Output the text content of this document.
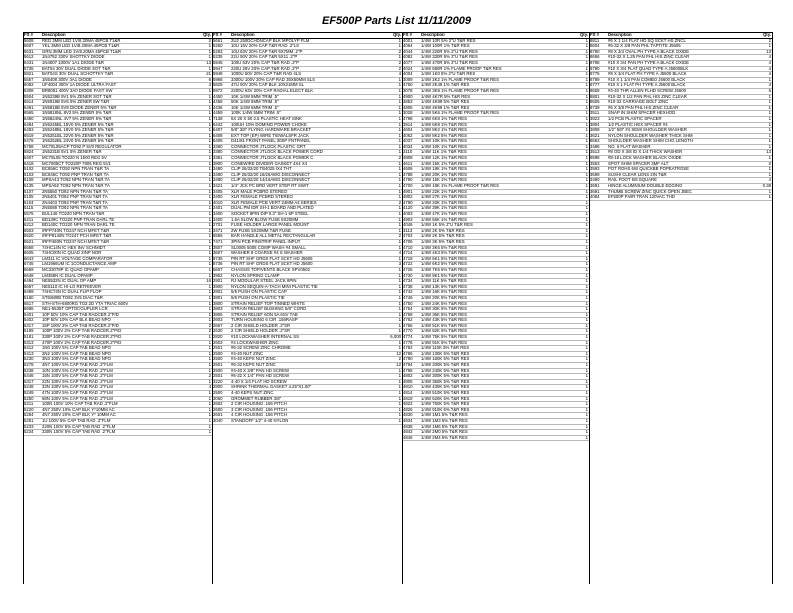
EF500P Parts List 11/11/2009
FS #	Description	Qty.
5608	RED 3MM LED 1V/8.20MA 45PCB T1&R	2
5607	YEL 3MM LED 1V/8.20MA 45PCB T1&R	1
5631	GRN 3MM LED 1V/8.20MA 45PCB T1&R	1
5612	1N4752 330V SHOTTKY DIODE	1
6431	1N4007 1000V 1A1 DIODE T&R	13
5735	BAT54 30V DUAL DIODE SOT T&R	1
5821	BAT54S 30V DUAL SCHOTTKY T&R	21
5557	1N5408 300V 3A1 DIODE	6
6082	UF4004 300V 1A DIODE ULTRA FAST	4
6308	BR8061 400V 3A0 DIODE FAST SW	1
5504	1N5239B 9V1 5% ZENER SOT T&R	1
6514	1N5919B 5V6 5% ZENER 5W T&R	1
6491	1N5818B 6V8 DIODE ZENER 5% T&R	1
6565	1N5818NL 8V2 5% ZENER 5% T&R	1
6490	1N5824NL 4V7 5% ZENER 5% T&R	1
6484	1N5245BL 15V0 5% ZENER 5% T&R	1
6483	1N5248BL 18V0 5% ZENER 5% T&R	1
6519	1N5251BL 22V0 5% ZENER 5% T&R	1
6476	1N5252BL 24V0 5% ZENER 5% T&R	1
5758	MC78L05ACP TO92 P 5V0 REGULATOR	1
5824	1N5231B 5V1 5% ZENER T&R	1
6407	MC79L05 TO220 N 1500 REG 5V	1
6418	MC7805CT TO220P 7805 REG 5V1	1
5102	BC856C TO92 NPN TRAN T&R TA	1
5103	BC846C TO92 PNP TRAN T&R TA	1
5108	MPSA43 TO92 NPN TRAN T&R TA	1
5135	MPSA92 TO92 NPN TRAN T&R TA	1
5107	2N5550 TO92 NPN TRAN T&R TA	1
5105	2N5401 TO92 PNP TRAN T&R TA	1
5104	2N4403 TO92 PNP TRAN T&R TA	1
5115	2N5088 TO92 NPN TRAN T&R TA	1
5575	BUL146 TO220 NPN TRAN T&R	1
6211	BD139C TO220 PNP TRAN DARL TE	1
6212	BD140C TO220 NPN TRAN DARL TE	1
6503	IRFP740N TO247 NCH MFET T&R	1
5520	IRFP9140N TO247 PCH MFET T&R	1
5521	IRFP460N TO247 NCH MFET T&R	1
6568	74HC14N IC HEX INV SCHMIDT	1
6605	74HC00N IC QUAD 2INP NOR	1
6643	LM311 IC VOLTAGE COMPARATOR	1
6745	LM1966UM IC 1CONDUCTANCE AMP	1
6669	MC33078P IC QUAD OPAMP	1
6648	LM358N IC DUAL OPAMP	1
6494	NE5532N IC DUAL OP AMP	16
6697	NE5110 IC HI-LO RETRIEVER	1
6499	74HC74N IC DUAL FLIP FLOP	1
5160	ST6/680B TO92 3V5 DIAC T&R	1
6517	STH-STH-6800RG TO3 2D YTA TRIAC 600V	1
6686	NE1-5535T OPTOCOUPLER LCR	1
5401	10P 50V 10% CAP TAB RADCER.2"P/D	1
5402	10P 50V 10% CAP BLK BEAD NPO	1
6317	15P 100V 2% CAP TAB RADCER.2"P/D	2
5199	100P 100V 2% CAP TAB RADCER.2"P/D	2
5181	330P 100V 2% CAP TAB RADCER.2"P/D	1
5313	470P 100V 2% CAP TAB RADCER.2"P/D	1
5412	1N0 100V 5% CAP TAB BEAD NPO	1
5413	2N2 100V 5% CAP TAB BEAD NPO	1
5230	3N3 100V 5% CAP TAB BEAD NPO	1
5278	4N7 100V 5% CAP TAB RAD .2"FLM	1
5238	10N 100V 5% CAP TAB RAD .2"FLM	1
5446	15N 100V 5% CAP TAB RAD .2"FLM	2
6317	22N 100V 5% CAP TAB RAD .2"FLM	1
5248	33N 100V 5% CAP TAB RAD .2"FLM	4
5249	47N 100V 5% CAP TAB RAD .2"FLM	1
5250	68N 100V 5% CAP TAB RAD .2"FLM	1
5211	100N 100V 10% CAP TAB RAD .2"FLM	1
5220	4N7 250V 10% CAP BLK Y*10MM AC	1
5284	4N7 250V 20% CAP BLK Y* 10MM AC	1
5251	1U 100V 5% CAP TAB RAD .2"FLM	1
5233	220N 100V 5% CAP TAB RAD .2"FLM	1
5234	330N 100V 5% CAP TAB RAD .2"FLM	1
FS #	Description	Qty.
5661	2U2 250DCHDNCAP BLK MPOLYP FLM	1
5260	10U 16V 20% CAP T&R RAD .2"LS	1
5283	10U 63V 20% CAP T&R 5X7MM .2"P	2
5235	22U 50V 20% CAP T&R 5X11 .2"P	1
5945	100U 63V 20% CAP T&R RAD .2"P	2
5947	220U 25V 20% CAP T&R RAD .2"P	2
5948	1000U 50V 20% CAP T&R RAD 4LS	4
5968	3300U 100V 20% CAP RAD 35X50MM SLS	1
5825	47U 50V 20% CAP BLK 10X21MM SL	1
5972	2200U 63V 20% CAP RADIAL ELECT BLK	1
4450	10K 1/4W 5MM TRIM .5"	1
4458	50K 1/4W 5MM TRIM .5"	1
4436	10K 1/4W 5MM TRIM .5"	1
4459	100K 1/4W 5MM TRIM .5"	1
7138	5X 20 X 50 2.5 PLASTIC HEAT SINK	1
6442	100UH 10% DOMINO POWER CHOKE	1
6407	5/8" 3/8" FLYING HARDWARE BRACKET	1
6408	EXT TOP (EP) WIRE TIEWALSFR JACK	1
6406	D41/81 FRONT PANEL 30SP FNTPANEL	1
3360	CONNECTOR JTLOCK PLASTIC GRT	1
3380	CONNECTOR JTLOCK BLACK POWER CORD	1
3381	CONNECTOR JTLOCK BLACK POWER C	2
3800	CONEWIRE DIVIDER GASKET 4X4 X4	1
3480	CLIP 26/32/20 TB4025 IX4 THT	1
3480	CLIP 26/32/20 16/26AWG DISCONNECT	1
3480	CLIP 26/32/20 14/16AWG DISCONNECT	1
3421	1/4" JCK PC BRD VERT STEP RT SWIT	1
3405	XLR MALE PCBRD STEREO	1
3400	XLR FEMALE PCBRD STEREO	1
4010	XLR FEMALE PCB VERT 24MM A4 SERIES	2
2401	DUAL PM IDR SH-1 BOARD AND PLATED	1
3400	SOCKET 8PIN DIP 0.3" SH-1 6P STEEL	1
3400	1.6A SLOW BLOW FUSE 5X20MM	1
2701	FUSE HOLDER LARGE PANEL MOUNT	1
3471	2W FUSE 5X20MM T&R FUSE	1
6555	BAR HANDLE ALL METAL RECTANGULAR	2
7471	3PIN PCB PINSTRIP PANEL INPUT	1
3507	SL0005 5006 COMP WASH #4 SMALL	1
3607	WASHER 8 COARSE #4 S WASHER	4
8735	PIN RT SHF GRDS FLAT SCKT HD J5605	1
8736	PIN RT SHF GRDS FLAT SCKT HD J5600	3
5607	CHASSIS TOP/VENTS BLACK SPV0502	1
3902	NYLON SPRING CLAMP	1
2901	RJ MODULAR STEEL JACK 8PIN	1
3900	NYLON SEQUIN-A-TACH MINI PLASTIC TIE	1
2801	5/5 PUSH ON PLASTIC CAP	1
3801	5/5 PUSH ON PLASTIC TIE	1
3800	STRAIN RELIEF TOP TINNED WHITE	1
3803	STRAIN RELIEF BUSHING 5/8" CORD	1
3806	STRAIN RELIEF 6ON 5A 6SV TAB	1
2603	TURN HOUSING 6 CIR .156RASP	1
2667	2 CIR SHIELD HOLDER .2"SR	1
2630	2 CIR SHIELD HOLDER .2"SR	1
2820	#10 LOCKWASHER INTERNAL SS	6,000
2603	#4 LOCKWASHER ZINC	1
2501	#6-32 SCREW ZINC CHROME	1
2500	#4-40 NUT ZINC	12
2500	#4-40 KEPS NUT ZINC	2
2501	#6-32 KEPS NUT ZINC	12
2500	#4-40 X 3/8" PAN HD SCREW	1
2501	#6-32 X 1/4" PAN HD SCREW	1
3220	4-40 X 1/4 FLAT HD SCREW	1
2800	SHRINK THERMAL GASKET 4.25"X1.00"	1
2500	4-40 KEPS NUT ZINC	1
3060	GROMMET RUBBER 3/8"	1
2602	2 CIR HOUSING .156 PITCH	1
2600	3 CIR HOUSING .156 PITCH	1
2601	4 CIR HOUSING .156 PITCH	1
3040	STANDOFF 1/2" 4-40 NYLON	1
FS #	Description	Qty.
4001	1/4W 10R 5% 2"U T&R RES	1
4064	1/4W 100R 1% T&R RES	1
4044	1/4W 220R 5% 2"U T&R RES	1
4082	1/4W 330R 5% 2"U T&R RES	1
4077	1/4W 470R 5% 2"U T&R RES	1
4024	1/4W 680R 1% FLAME PROOF T&R RES	1
4004	1/4W 1K0 5% 2"U T&R RES	1
3009	1/4W 2K2 1% FLAME PROOF T&R RES	1
4760	1/4W 2K49 1% T&R RES	1
3078	1/4W 3K9 1% FLAME PROOF T&R RES	1
4900	1/4W 4K7R 5% T&R RES	1
4853	1/4W 4K99 5% T&R RES	1
4805	1/4W 4K99 1% T&R RES	1
3028	1/4W 5K6 1% FLAME PROOF T&R RES	1
4798	1/4W 6K8 1% T&R RES	1
3914	1/4W 6K8 1% T&R RES	1
4604	1/4W 8K2 1% T&R RES	1
4062	1/4W 8K2 5% T&R RES	1
4037	1/4W 10K 5% T&R RES	1
4034	1/4W 10K 1% T&R RES	1
3110	1/4W 11K 1% T&R RES	1
4808	1/4W 12K 1% T&R RES	1
4611	1/4W 15K 1% T&R RES	1
4606	1/4W 18K 1% T&R RES	1
4788	1/4W 20K 1% T&R RES	1
4790	1/4W 15K 1% T&R RES	1
4700	1/4W 18K 1% FLAME PROOF T&R RES	1
4901	1/4W 22K 1% T&R RES	1
4802	1/4W 27K 1% T&R RES	1
4790	1/4W 33K 1% T&R RES	1
4120	1/4W 39K 1% T&R RES	1
4003	1/4W 47K 1% T&R RES	1
4903	1/4W 56K 1% T&R RES	1
4046	1/4W 1K 5% 2"U T&R RES	1
3113	1/4W 2K 5% T&R RES	1
4702	1/4W 2K 5% T&R RES	1
4706	1/4W 3K 5% T&R RES	1
4710	1/4W 3K6 5% T&R RES	1
4714	1/4W 4K3 5% T&R RES	1
4718	1/4W 5K1 5% T&R RES	1
4722	1/4W 6K2 5% T&R RES	1
4726	1/4W 7K5 5% T&R RES	1
4730	1/4W 9K1 5% T&R RES	1
4734	1/4W 11K 5% T&R RES	1
4738	1/4W 13K 5% T&R RES	1
4742	1/4W 16K 5% T&R RES	1
4746	1/4W 20K 5% T&R RES	1
4750	1/4W 24K 5% T&R RES	1
4754	1/4W 30K 5% T&R RES	1
4758	1/4W 36K 5% T&R RES	1
4762	1/4W 43K 5% T&R RES	1
4766	1/4W 51K 5% T&R RES	1
4770	1/4W 62K 5% T&R RES	1
4774	1/4W 75K 5% T&R RES	1
4778	1/4W 91K 5% T&R RES	1
4782	1/4W 110K 5% T&R RES	1
4786	1/4W 130K 5% T&R RES	1
4790	1/4W 160K 5% T&R RES	1
4794	1/4W 200K 5% T&R RES	1
4798	1/4W 240K 5% T&R RES	1
4802	1/4W 300K 5% T&R RES	1
4806	1/4W 360K 5% T&R RES	1
4810	1/4W 430K 5% T&R RES	1
4814	1/4W 510K 5% T&R RES	1
4818	1/4W 620K 5% T&R RES	1
4822	1/4W 750K 5% T&R RES	1
4826	1/4W 910K 5% T&R RES	1
4830	1/4W 1M1 5% T&R RES	1
4834	1/4W 1M3 5% T&R RES	1
4838	1/4W 1M6 5% T&R RES	1
4842	1/4W 2M0 5% T&R RES	1
4846	1/4W 2M4 5% T&R RES	1
FS #	Description	Qty.
8811	#6 X 1 1/4 FLAT HD SQ SCKT HS ZNCL	2
8604	#6-32 X 3/8 PAN PHL TAPTITE J5605	1
8790	#8 X 3/4 OVAL PH TYPE A BLACK OXIDE	13
8656	#10-32 X 1.25 PAN PHL HIS ZINC CLEAR	4
8798	#10 X 3/4 PAN PH TYPE A BLACK OXIDE	4
8790	#10 X 3/4 FLAT QUAD TYPE A J5600BLK	4
8775	#8 X 3/4 FLAT PH TYPE A J5600 BLACK	4
8789	#10 X 1 1/4 PAN COMBO J5600 BLACK	1
8777	#10 X 1 FLAT PH TYPE A J5600 BLACK	4
8608	#4-40 THR ALLEN FLHD SCREW J5600	6
8801	#10-32 X 1/2 PAN PHL HIS ZINC CLEAR	1
8605	#10-32 CARRIAGE BOLT ZINC	1
8739	#6 X 3/8 PAN PHL HIS ZINC CLEAR	1
3511	SNAP IN SHIM SPACER HEXHOD	1
3823	1/2 PCB PLASTIC SPACER	1
3804	1/2 PLASTIC HEX SPACER #4	1
3808	1/2" 5/8" #4 SEMI SHOULDER WASHER	1
3621	NYLON SHOULDER WASHER THICK SHM	1
8663	SHOULDER WASHER SHIM CHG LENGTH	1
3486	NO. 6 FLAT WASHER	1
3513	#8 OD X 3/8 ID X 1/4 THICK WASHER	13
8598	#8-18 LOCK WASHER BLACK OXIDE	1
3553	SPOT SHIM SPACER 3MF ALT	2
3593	POT ROHS 6W QUICKBB POPEATROSE	1
3599	SUSHI CLEAR LENS 2IN T&R	1
3490	RAIL FOOT 5/8 SQUARE	4
3691	HINGE ALUMNIUM DOUBLE EDGING	0.38
3691	THUMB SCREW ZINC QUICK OPEN JBEC	1
4084	EF500P P.WR TRAN 120VAC THD	1
